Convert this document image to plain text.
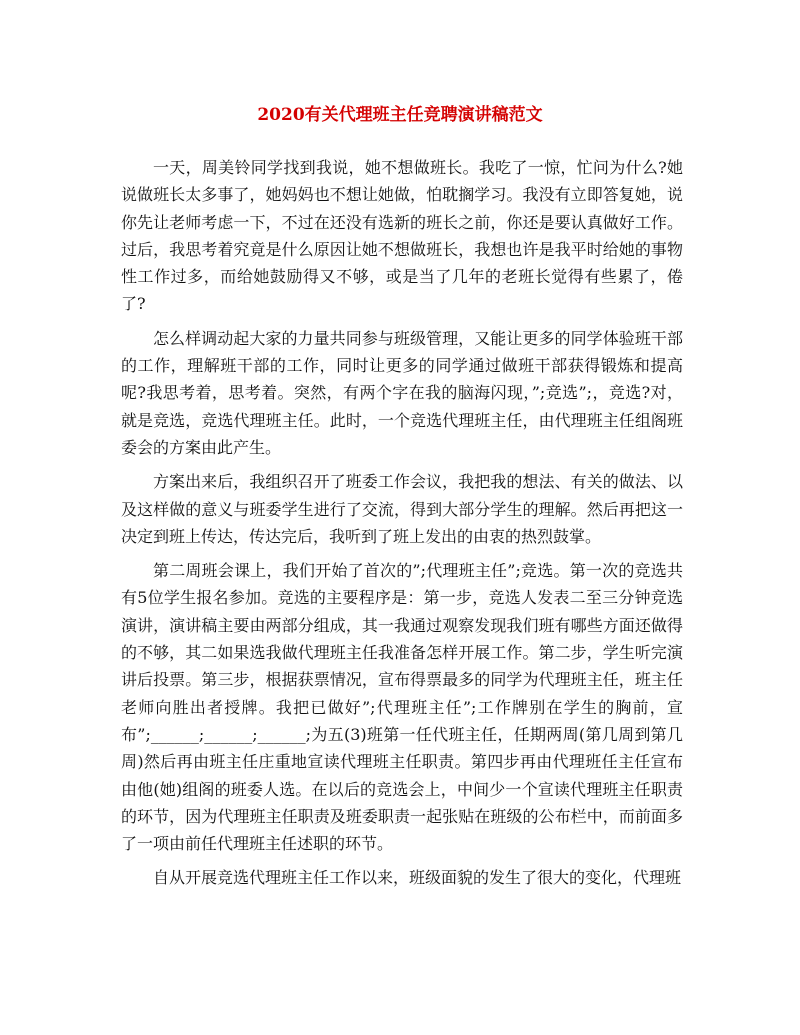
2020有关代理班主任竞聘演讲稿范文

一天，周美铃同学找到我说，她不想做班长。我吃了一惊，忙问为什么?她说做班长太多事了，她妈妈也不想让她做，怕耽搁学习。我没有立即答复她，说你先让老师考虑一下，不过在还没有选新的班长之前，你还是要认真做好工作。过后，我思考着究竟是什么原因让她不想做班长，我想也许是我平时给她的事物性工作过多，而给她鼓励得又不够，或是当了几年的老班长觉得有些累了，倦了?

怎么样调动起大家的力量共同参与班级管理，又能让更多的同学体验班干部的工作，理解班干部的工作，同时让更多的同学通过做班干部获得锻炼和提高呢?我思考着，思考着。突然，有两个字在我的脑海闪现，”;竞选”;，竞选?对，就是竞选，竞选代理班主任。此时，一个竞选代理班主任，由代理班主任组阁班委会的方案由此产生。

方案出来后，我组织召开了班委工作会议，我把我的想法、有关的做法、以及这样做的意义与班委学生进行了交流，得到大部分学生的理解。然后再把这一决定到班上传达，传达完后，我听到了班上发出的由衷的热烈鼓掌。

第二周班会课上，我们开始了首次的”;代理班主任”;竞选。第一次的竞选共有5位学生报名参加。竞选的主要程序是：第一步，竞选人发表二至三分钟竞选演讲，演讲稿主要由两部分组成，其一我通过观察发现我们班有哪些方面还做得的不够，其二如果选我做代理班主任我准备怎样开展工作。第二步，学生听完演讲后投票。第三步，根据获票情况，宣布得票最多的同学为代理班主任，班主任老师向胜出者授牌。我把已做好”;代理班主任”;工作牌别在学生的胸前，宣布”;______;______;______;为五(3)班第一任代班主任，任期两周(第几周到第几周)然后再由班主任庄重地宣读代理班主任职责。第四步再由代理班任主任宣布由他(她)组阁的班委人选。在以后的竞选会上，中间少一个宣读代理班主任职责的环节，因为代理班主任职责及班委职责一起张贴在班级的公布栏中，而前面多了一项由前任代理班主任述职的环节。

自从开展竞选代理班主任工作以来，班级面貌的发生了很大的变化，代理班
